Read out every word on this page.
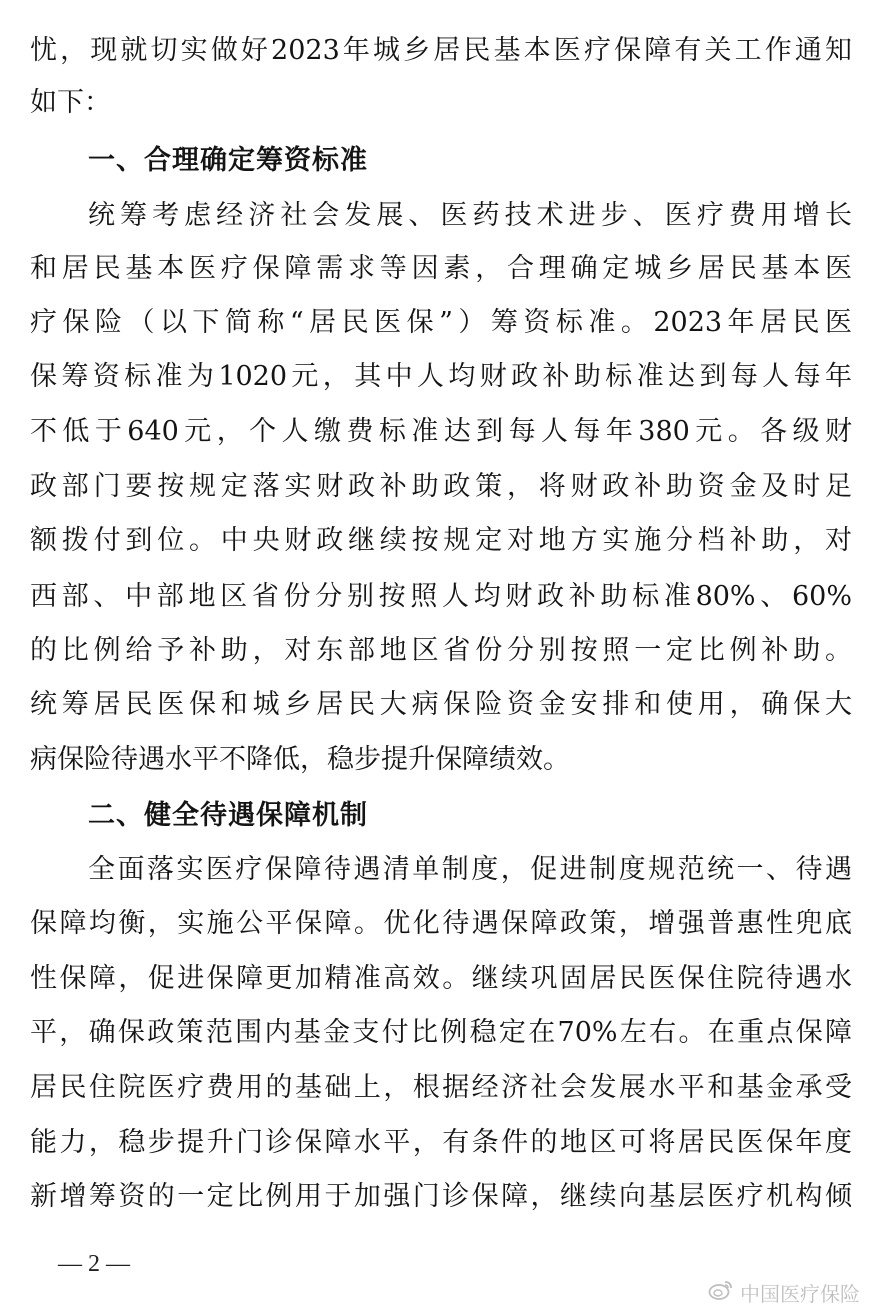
忧，现就切实做好2023年城乡居民基本医疗保障有关工作通知
如下：
一、合理确定筹资标准
统筹考虑经济社会发展、医药技术进步、医疗费用增长
和居民基本医疗保障需求等因素，合理确定城乡居民基本医
疗保险（以下简称“居民医保”）筹资标准。2023年居民医
保筹资标准为1020元，其中人均财政补助标准达到每人每年
不低于640元，个人缴费标准达到每人每年380元。各级财
政部门要按规定落实财政补助政策，将财政补助资金及时足
额拨付到位。中央财政继续按规定对地方实施分档补助，对
西部、中部地区省份分别按照人均财政补助标准80%、60%
的比例给予补助，对东部地区省份分别按照一定比例补助。
统筹居民医保和城乡居民大病保险资金安排和使用，确保大
病保险待遇水平不降低，稳步提升保障绩效。
二、健全待遇保障机制
全面落实医疗保障待遇清单制度，促进制度规范统一、待遇
保障均衡，实施公平保障。优化待遇保障政策，增强普惠性兜底
性保障，促进保障更加精准高效。继续巩固居民医保住院待遇水
平，确保政策范围内基金支付比例稳定在70%左右。在重点保障
居民住院医疗费用的基础上，根据经济社会发展水平和基金承受
能力，稳步提升门诊保障水平，有条件的地区可将居民医保年度
新增筹资的一定比例用于加强门诊保障，继续向基层医疗机构倾
— 2 —
中国医疗保险
